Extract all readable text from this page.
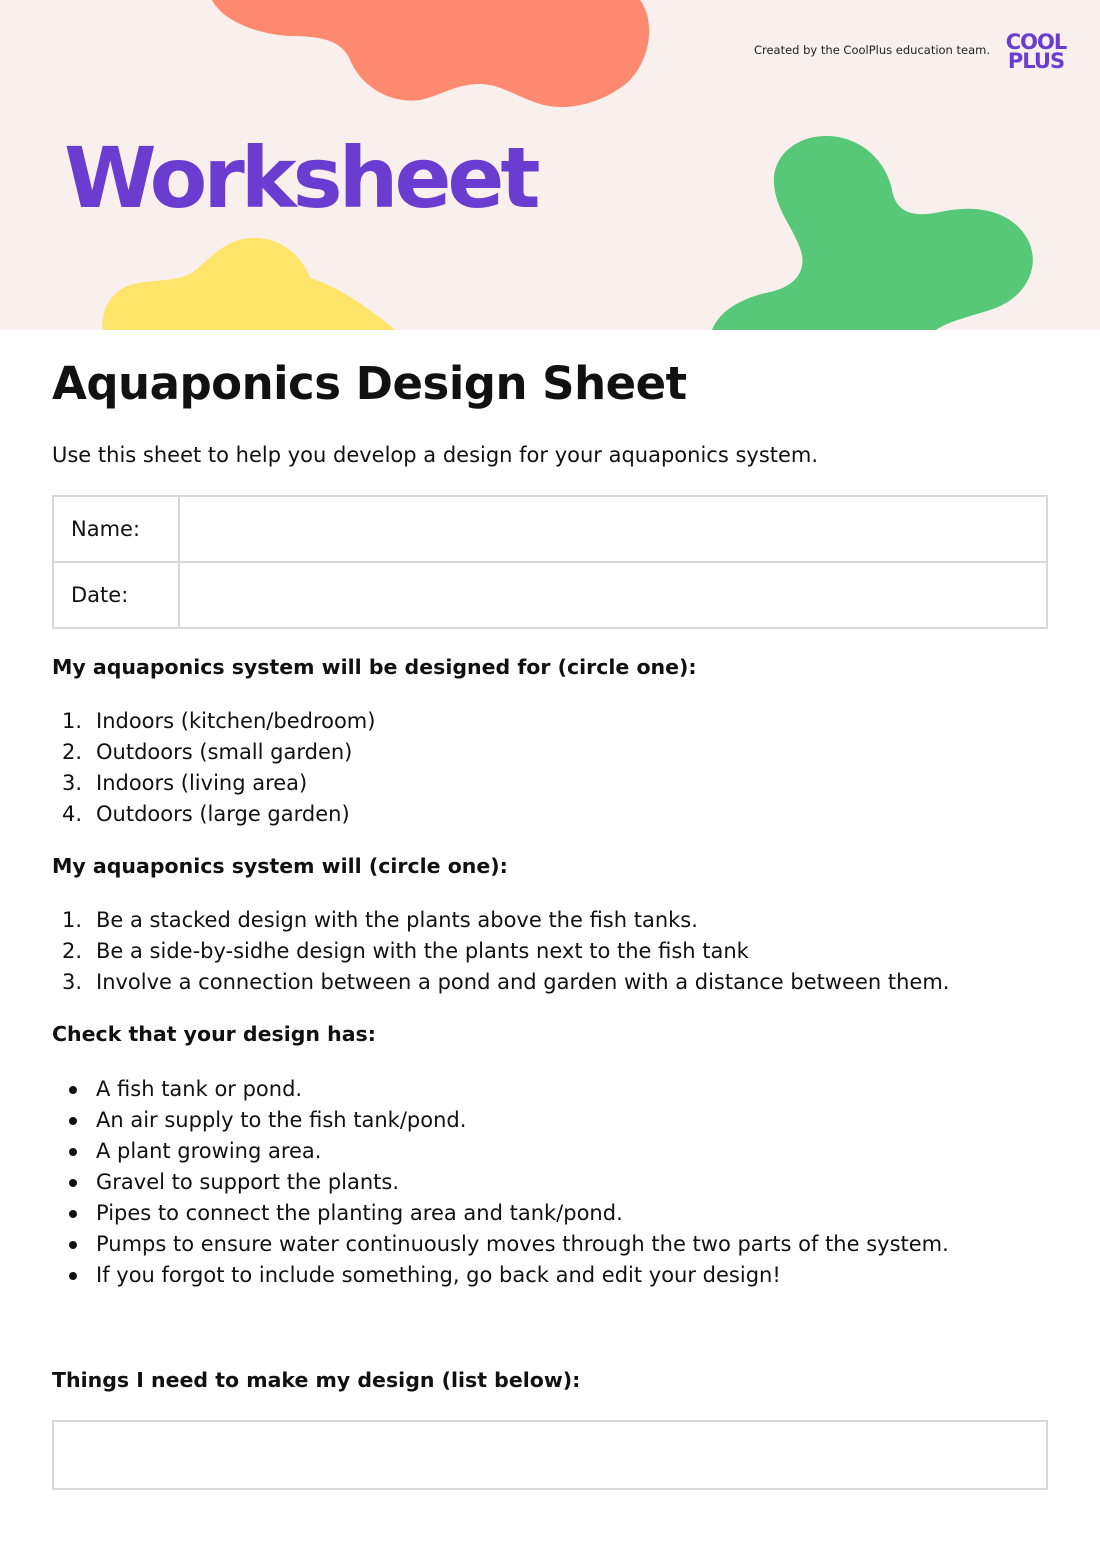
Created by the CoolPlus education team. COOL
PLUS
Worksheet
Aquaponics Design Sheet

Use this sheet to help you develop a design for your aquaponics system.

Name:	
Date:	

My aquaponics system will be designed for (circle one):

1. Indoors (kitchen/bedroom)
2. Outdoors (small garden)
3. Indoors (living area)
4. Outdoors (large garden)

My aquaponics system will (circle one):

1. Be a stacked design with the plants above the fish tanks.
2. Be a side-by-sidhe design with the plants next to the fish tank
3. Involve a connection between a pond and garden with a distance between them.

Check that your design has:

A fish tank or pond.
An air supply to the fish tank/pond.
A plant growing area.
Gravel to support the plants.
Pipes to connect the planting area and tank/pond.
Pumps to ensure water continuously moves through the two parts of the system.
If you forgot to include something, go back and edit your design!

Things I need to make my design (list below):
